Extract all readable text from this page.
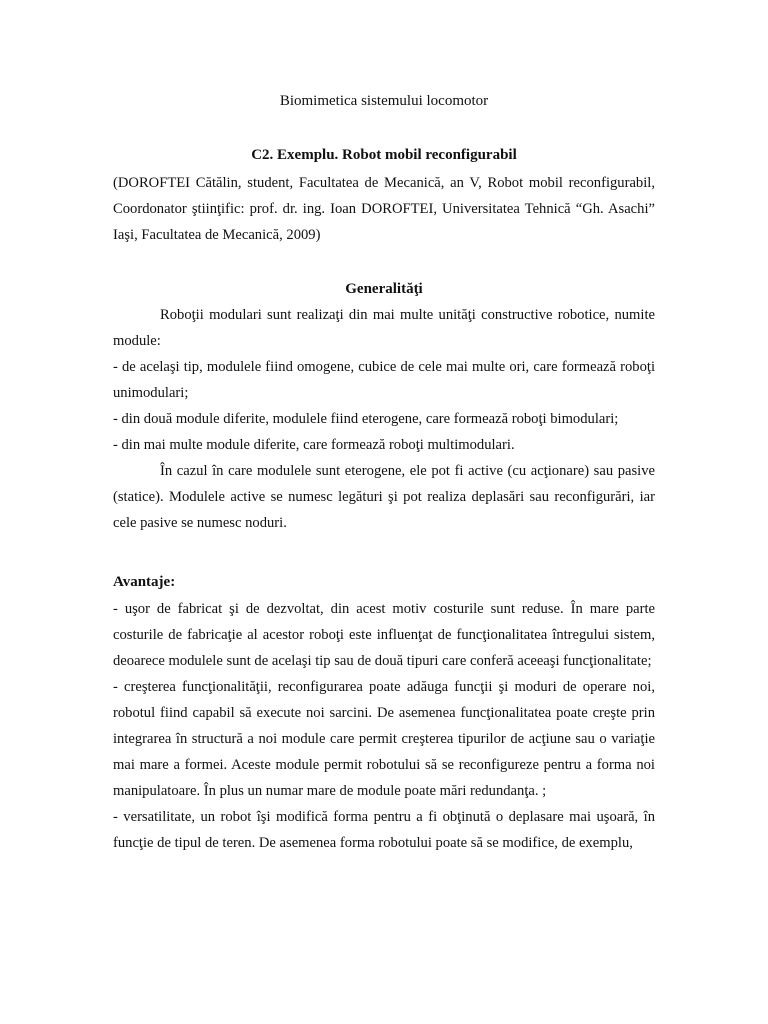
Biomimetica sistemului locomotor
C2. Exemplu. Robot mobil reconfigurabil

(DOROFTEI Cătălin, student, Facultatea de Mecanică, an V, Robot mobil reconfigurabil, Coordonator ştiinţific: prof. dr. ing. Ioan DOROFTEI, Universitatea Tehnică “Gh. Asachi” Iaşi, Facultatea de Mecanică, 2009)

Generalităţi

Roboţii modulari sunt realizaţi din mai multe unităţi constructive robotice, numite module:

- de acelaşi tip, modulele fiind omogene, cubice de cele mai multe ori, care formează roboţi unimodulari;

- din două module diferite, modulele fiind eterogene, care formează roboţi bimodulari;

- din mai multe module diferite, care formează roboţi multimodulari.

În cazul în care modulele sunt eterogene, ele pot fi active (cu acţionare) sau pasive (statice). Modulele active se numesc legături şi pot realiza deplasări sau reconfigurări, iar cele pasive se numesc noduri.

Avantaje:

- uşor de fabricat şi de dezvoltat, din acest motiv costurile sunt reduse. În mare parte costurile de fabricaţie al acestor roboţi este influenţat de funcţionalitatea întregului sistem, deoarece modulele sunt de acelaşi tip sau de două tipuri care conferă aceeaşi funcţionalitate;

- creşterea funcţionalităţii, reconfigurarea poate adăuga funcţii şi moduri de operare noi, robotul fiind capabil să execute noi sarcini. De asemenea funcţionalitatea poate creşte prin integrarea în structură a noi module care permit creşterea tipurilor de acţiune sau o variaţie mai mare a formei. Aceste module permit robotului să se reconfigureze pentru a forma noi manipulatoare. În plus un numar mare de module poate mări redundanţa. ;

- versatilitate, un robot îşi modifică forma pentru a fi obţinută o deplasare mai uşoară, în funcţie de tipul de teren. De asemenea forma robotului poate să se modifice, de exemplu,
